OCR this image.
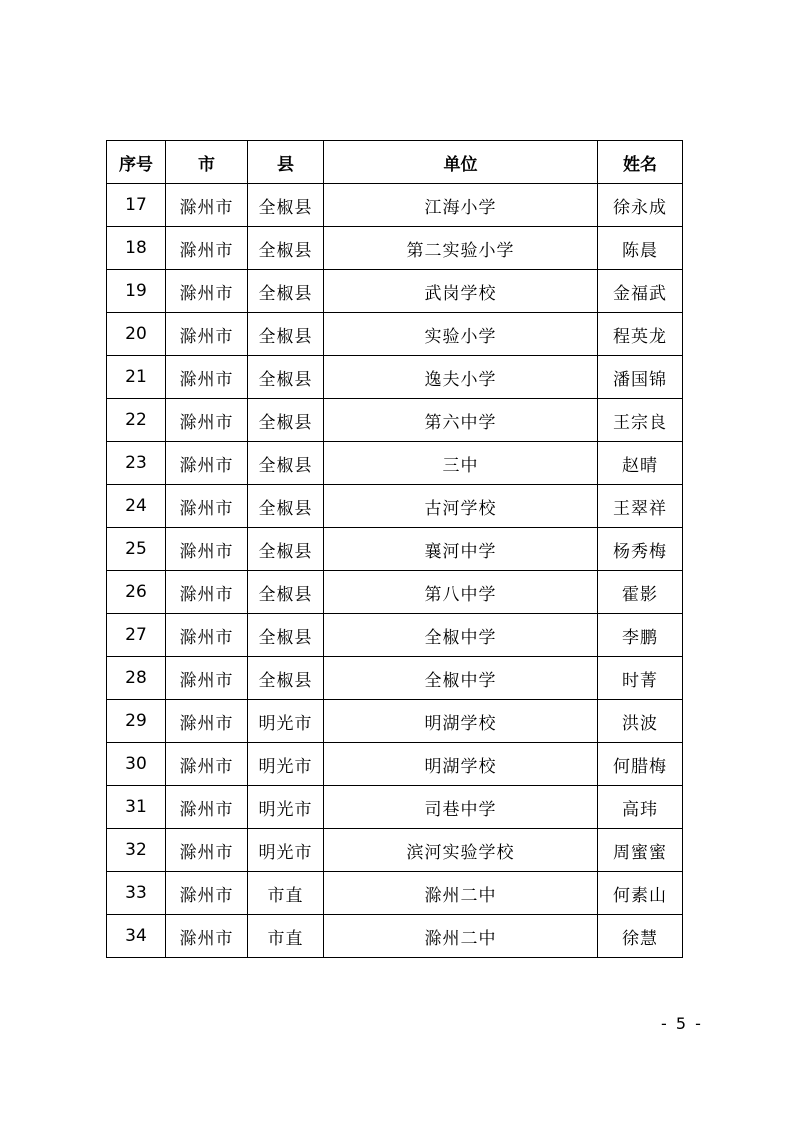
序号	市	县	单位	姓名
17	滁州市	全椒县	江海小学	徐永成
18	滁州市	全椒县	第二实验小学	陈晨
19	滁州市	全椒县	武岗学校	金福武
20	滁州市	全椒县	实验小学	程英龙
21	滁州市	全椒县	逸夫小学	潘国锦
22	滁州市	全椒县	第六中学	王宗良
23	滁州市	全椒县	三中	赵晴
24	滁州市	全椒县	古河学校	王翠祥
25	滁州市	全椒县	襄河中学	杨秀梅
26	滁州市	全椒县	第八中学	霍影
27	滁州市	全椒县	全椒中学	李鹏
28	滁州市	全椒县	全椒中学	时菁
29	滁州市	明光市	明湖学校	洪波
30	滁州市	明光市	明湖学校	何腊梅
31	滁州市	明光市	司巷中学	高玮
32	滁州市	明光市	滨河实验学校	周蜜蜜
33	滁州市	市直	滁州二中	何素山
34	滁州市	市直	滁州二中	徐慧
- 5 -
